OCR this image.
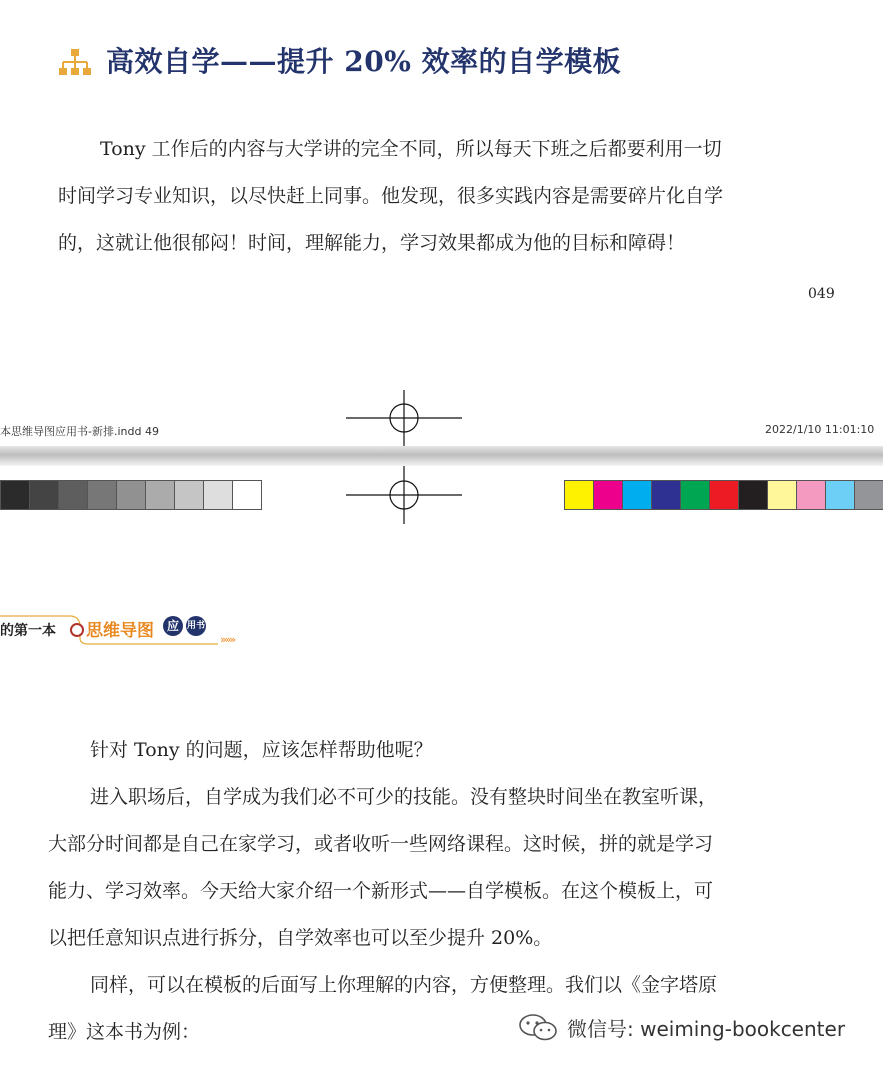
高效自学——提升 20% 效率的自学模板
Tony 工作后的内容与大学讲的完全不同，所以每天下班之后都要利用一切
时间学习专业知识，以尽快赶上同事。他发现，很多实践内容是需要碎片化自学
的，这就让他很郁闷！时间，理解能力，学习效果都成为他的目标和障碍！
049
本思维导图应用书-新排.indd 49	2022/1/10 11:01:10
的第一本 思维导图	应 用书
»»»
针对 Tony 的问题，应该怎样帮助他呢？
进入职场后，自学成为我们必不可少的技能。没有整块时间坐在教室听课，
大部分时间都是自己在家学习，或者收听一些网络课程。这时候，拼的就是学习
能力、学习效率。今天给大家介绍一个新形式——自学模板。在这个模板上，可
以把任意知识点进行拆分，自学效率也可以至少提升 20%。
同样，可以在模板的后面写上你理解的内容，方便整理。我们以《金字塔原
理》这本书为例：	微信号: weiming-bookcenter
